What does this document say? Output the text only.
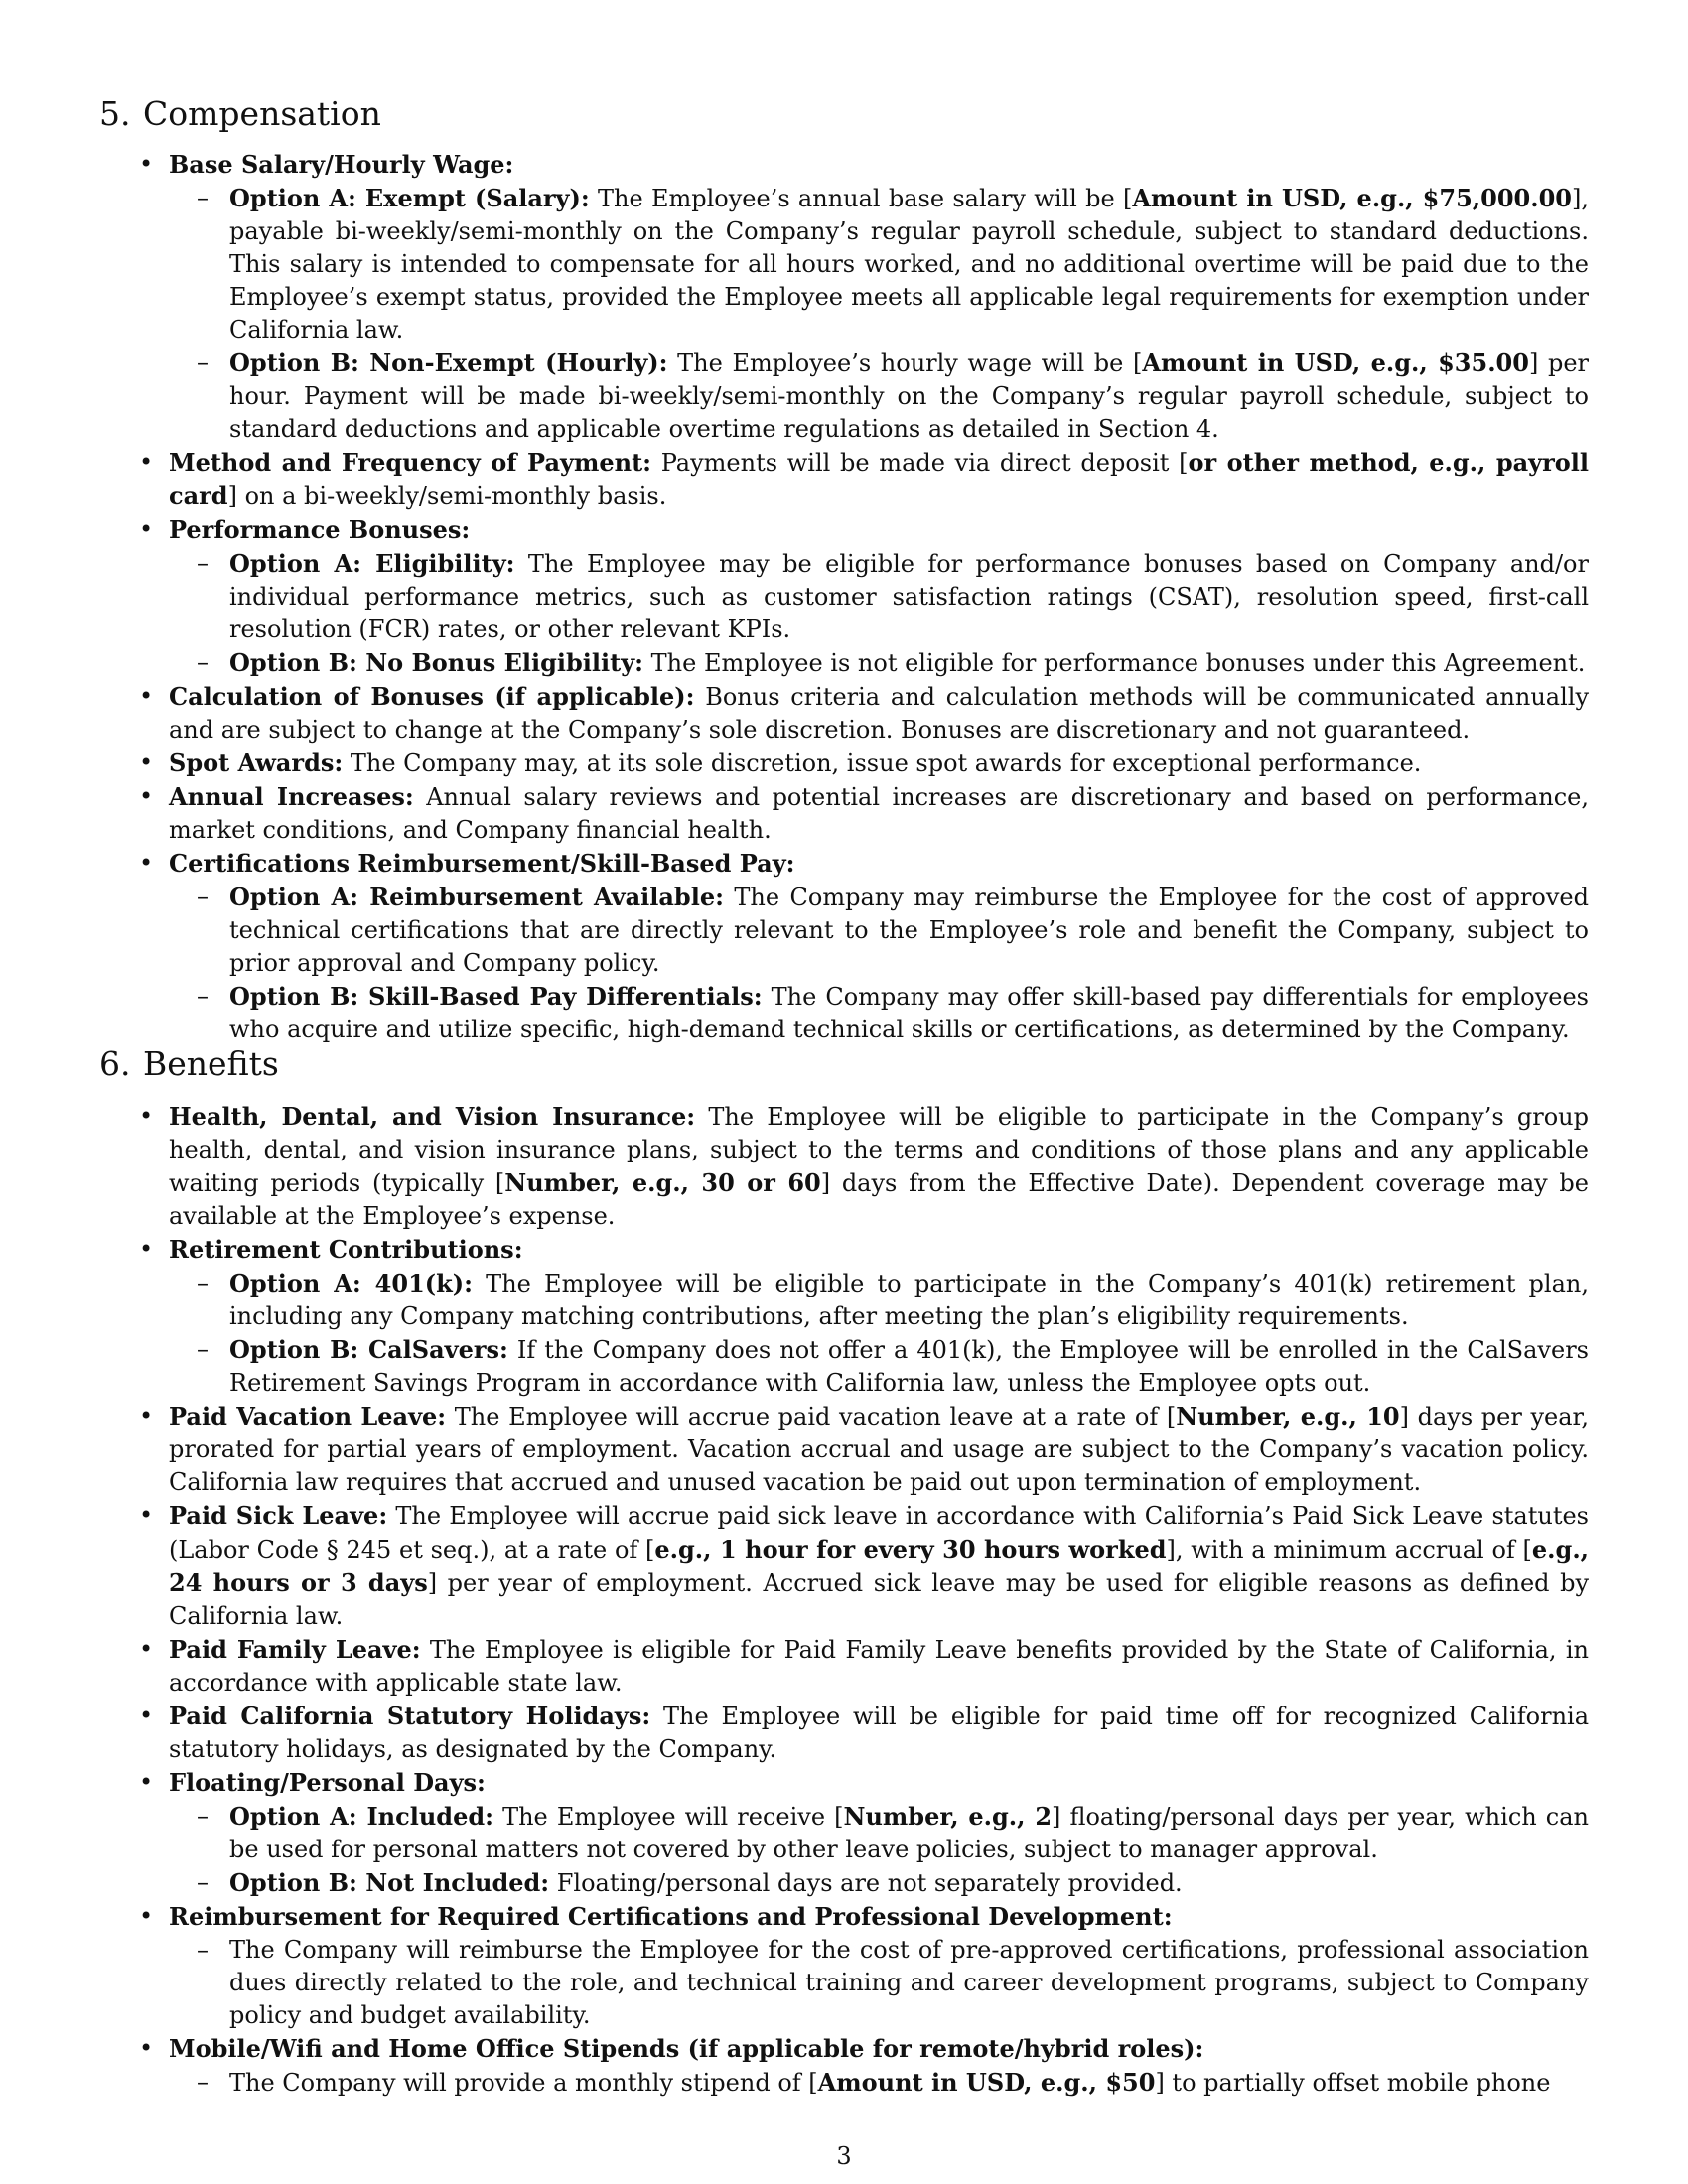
5. Compensation
• Base Salary/Hourly Wage:
– Option A: Exempt (Salary): The Employee’s annual base salary will be [Amount in USD, e.g., $75,000.00], payable bi-weekly/semi-monthly on the Company’s regular payroll schedule, subject to standard deductions. This salary is intended to compensate for all hours worked, and no additional overtime will be paid due to the Employee’s exempt status, provided the Employee meets all applicable legal requirements for exemption under California law.
– Option B: Non-Exempt (Hourly): The Employee’s hourly wage will be [Amount in USD, e.g., $35.00] per hour. Payment will be made bi-weekly/semi-monthly on the Company’s regular payroll schedule, subject to standard deductions and applicable overtime regulations as detailed in Section 4.
• Method and Frequency of Payment: Payments will be made via direct deposit [or other method, e.g., payroll card] on a bi-weekly/semi-monthly basis.
• Performance Bonuses:
– Option A: Eligibility: The Employee may be eligible for performance bonuses based on Company and/or individual performance metrics, such as customer satisfaction ratings (CSAT), resolution speed, first-call resolution (FCR) rates, or other relevant KPIs.
– Option B: No Bonus Eligibility: The Employee is not eligible for performance bonuses under this Agreement.
• Calculation of Bonuses (if applicable): Bonus criteria and calculation methods will be communicated annually and are subject to change at the Company’s sole discretion. Bonuses are discretionary and not guaranteed.
• Spot Awards: The Company may, at its sole discretion, issue spot awards for exceptional performance.
• Annual Increases: Annual salary reviews and potential increases are discretionary and based on performance, market conditions, and Company financial health.
• Certifications Reimbursement/Skill-Based Pay:
– Option A: Reimbursement Available: The Company may reimburse the Employee for the cost of approved technical certifications that are directly relevant to the Employee’s role and benefit the Company, subject to prior approval and Company policy.
– Option B: Skill-Based Pay Differentials: The Company may offer skill-based pay differentials for employees who acquire and utilize specific, high-demand technical skills or certifications, as determined by the Company.
6. Benefits
• Health, Dental, and Vision Insurance: The Employee will be eligible to participate in the Company’s group health, dental, and vision insurance plans, subject to the terms and conditions of those plans and any applicable waiting periods (typically [Number, e.g., 30 or 60] days from the Effective Date). Dependent coverage may be available at the Employee’s expense.
• Retirement Contributions:
– Option A: 401(k): The Employee will be eligible to participate in the Company’s 401(k) retirement plan, including any Company matching contributions, after meeting the plan’s eligibility requirements.
– Option B: CalSavers: If the Company does not offer a 401(k), the Employee will be enrolled in the CalSavers Retirement Savings Program in accordance with California law, unless the Employee opts out.
• Paid Vacation Leave: The Employee will accrue paid vacation leave at a rate of [Number, e.g., 10] days per year, prorated for partial years of employment. Vacation accrual and usage are subject to the Company’s vacation policy. California law requires that accrued and unused vacation be paid out upon termination of employment.
• Paid Sick Leave: The Employee will accrue paid sick leave in accordance with California’s Paid Sick Leave statutes (Labor Code § 245 et seq.), at a rate of [e.g., 1 hour for every 30 hours worked], with a minimum accrual of [e.g., 24 hours or 3 days] per year of employment. Accrued sick leave may be used for eligible reasons as defined by California law.
• Paid Family Leave: The Employee is eligible for Paid Family Leave benefits provided by the State of California, in accordance with applicable state law.
• Paid California Statutory Holidays: The Employee will be eligible for paid time off for recognized California statutory holidays, as designated by the Company.
• Floating/Personal Days:
– Option A: Included: The Employee will receive [Number, e.g., 2] floating/personal days per year, which can be used for personal matters not covered by other leave policies, subject to manager approval.
– Option B: Not Included: Floating/personal days are not separately provided.
• Reimbursement for Required Certifications and Professional Development:
– The Company will reimburse the Employee for the cost of pre-approved certifications, professional association dues directly related to the role, and technical training and career development programs, subject to Company policy and budget availability.
• Mobile/Wifi and Home Office Stipends (if applicable for remote/hybrid roles):
– The Company will provide a monthly stipend of [Amount in USD, e.g., $50] to partially offset mobile phone
3
